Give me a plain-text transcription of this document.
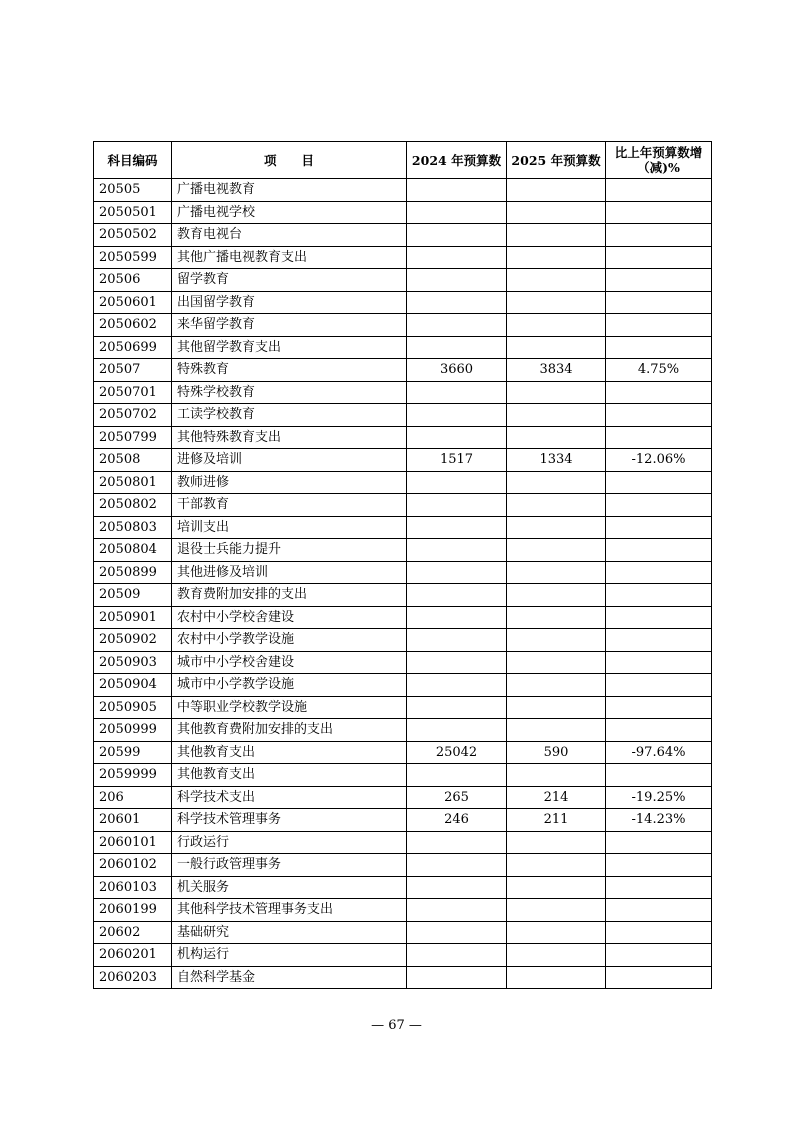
科目编码	项　　目	2024 年预算数	2025 年预算数	比上年预算数增（减)%
20505	广播电视教育			
2050501	广播电视学校			
2050502	教育电视台			
2050599	其他广播电视教育支出			
20506	留学教育			
2050601	出国留学教育			
2050602	来华留学教育			
2050699	其他留学教育支出			
20507	特殊教育	3660	3834	4.75%
2050701	特殊学校教育			
2050702	工读学校教育			
2050799	其他特殊教育支出			
20508	进修及培训	1517	1334	-12.06%
2050801	教师进修			
2050802	干部教育			
2050803	培训支出			
2050804	退役士兵能力提升			
2050899	其他进修及培训			
20509	教育费附加安排的支出			
2050901	农村中小学校舍建设			
2050902	农村中小学教学设施			
2050903	城市中小学校舍建设			
2050904	城市中小学教学设施			
2050905	中等职业学校教学设施			
2050999	其他教育费附加安排的支出			
20599	其他教育支出	25042	590	-97.64%
2059999	其他教育支出			
206	科学技术支出	265	214	-19.25%
20601	科学技术管理事务	246	211	-14.23%
2060101	行政运行			
2060102	一般行政管理事务			
2060103	机关服务			
2060199	其他科学技术管理事务支出			
20602	基础研究			
2060201	机构运行			
2060203	自然科学基金			
— 67 —
